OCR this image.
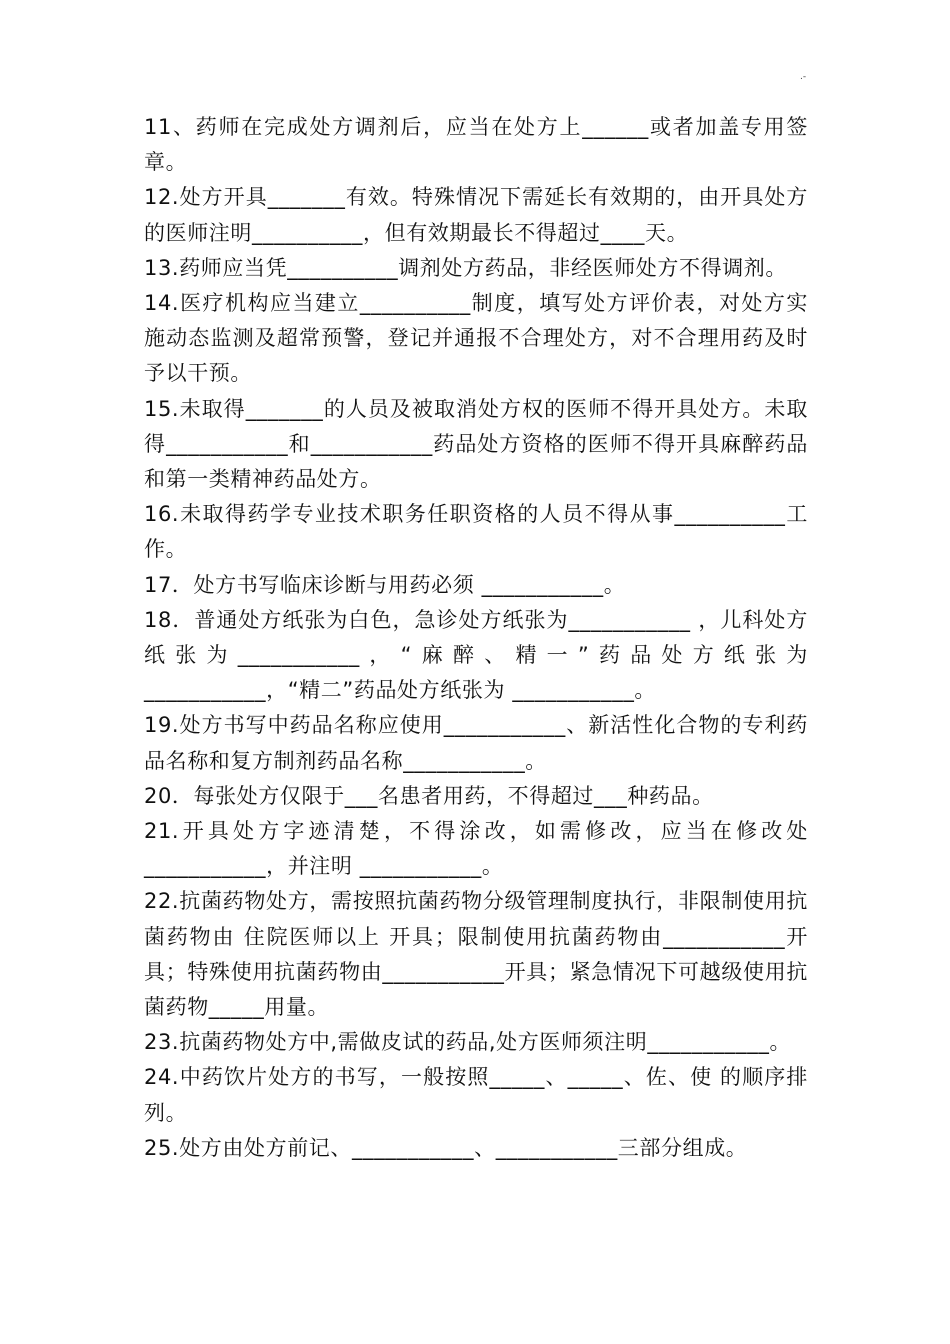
.-

11、药师在完成处方调剂后，应当在处方上______或者加盖专用签章。

12.处方开具_______有效。特殊情况下需延长有效期的，由开具处方的医师注明__________，但有效期最长不得超过____天。

13.药师应当凭__________调剂处方药品，非经医师处方不得调剂。

14.医疗机构应当建立__________制度，填写处方评价表，对处方实施动态监测及超常预警，登记并通报不合理处方，对不合理用药及时予以干预。

15.未取得_______的人员及被取消处方权的医师不得开具处方。未取得___________和___________药品处方资格的医师不得开具麻醉药品和第一类精神药品处方。

16.未取得药学专业技术职务任职资格的人员不得从事__________工作。

17．处方书写临床诊断与用药必须 ___________。

18．普通处方纸张为白色，急诊处方纸张为___________ ，儿科处方纸张为___________，“麻醉、精一”药品处方纸张为___________，“精二”药品处方纸张为 ___________。

19.处方书写中药品名称应使用___________、新活性化合物的专利药品名称和复方制剂药品名称___________。

20．每张处方仅限于___名患者用药，不得超过___种药品。

21.开具处方字迹清楚，不得涂改，如需修改，应当在修改处___________，并注明 ___________。

22.抗菌药物处方，需按照抗菌药物分级管理制度执行，非限制使用抗菌药物由 住院医师以上 开具；限制使用抗菌药物由___________开具；特殊使用抗菌药物由___________开具；紧急情况下可越级使用抗菌药物_____用量。

23.抗菌药物处方中,需做皮试的药品,处方医师须注明___________。

24.中药饮片处方的书写，一般按照_____、_____、佐、使 的顺序排列。

25.处方由处方前记、___________、___________三部分组成。
